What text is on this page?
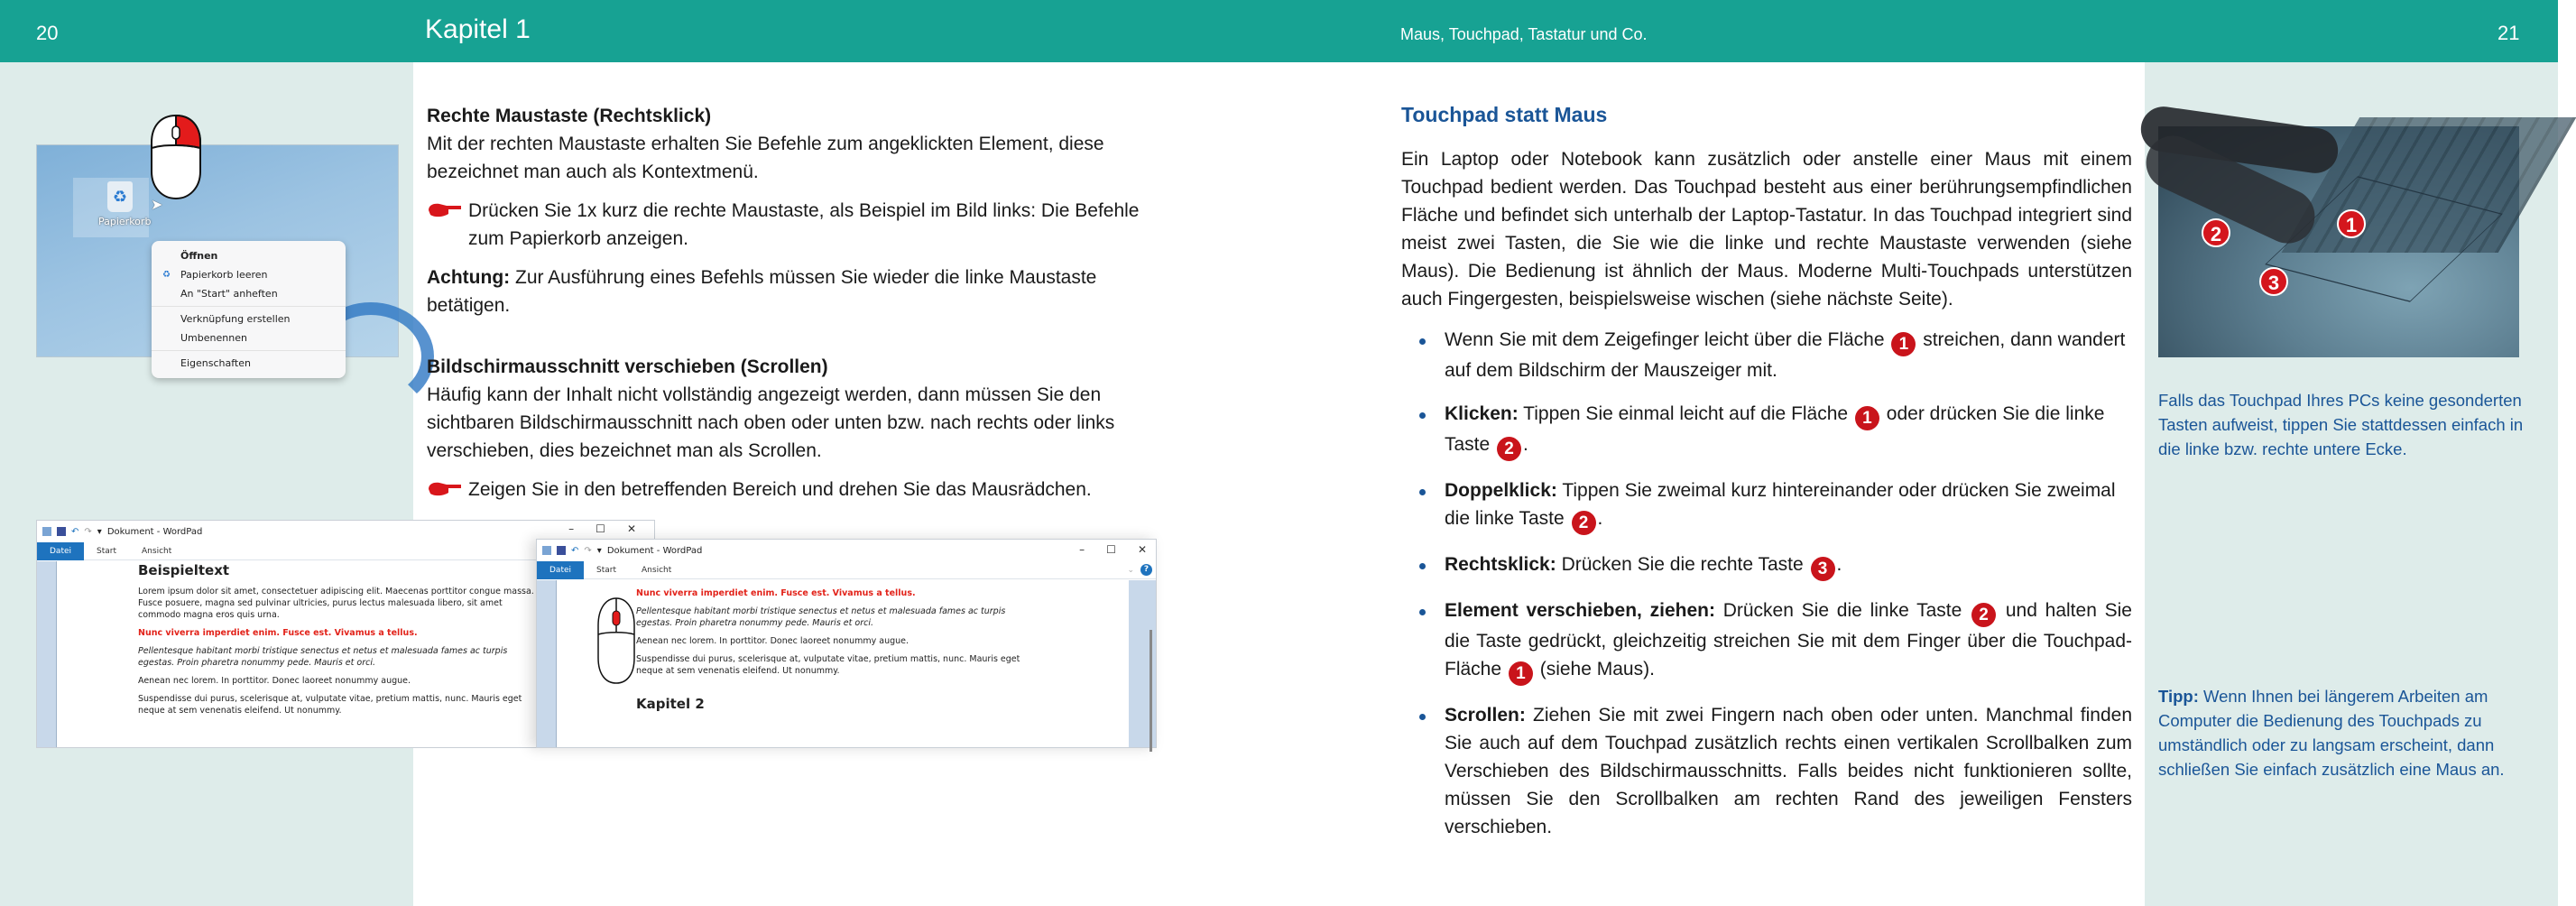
20	Kapitel 1	Maus, Touchpad, Tastatur und Co.	21
♻
Papierkorb
➤
Öffnen
♻ Papierkorb leeren
An "Start" anheften
Verknüpfung erstellen
Umbenennen
Eigenschaften
Rechte Maustaste (Rechtsklick)
Mit der rechten Maustaste erhalten Sie Befehle zum angeklickten Element, diese bezeichnet man auch als Kontextmenü.
Drücken Sie 1x kurz die rechte Maustaste, als Beispiel im Bild links: Die Befehle zum Papierkorb anzeigen.
Achtung: Zur Ausführung eines Befehls müssen Sie wieder die linke Maustaste betätigen.
Bildschirmausschnitt verschieben (Scrollen)
Häufig kann der Inhalt nicht vollständig angezeigt werden, dann müssen Sie den sichtbaren Bildschirmausschnitt nach oben oder unten bzw. nach rechts oder links verschieben, dies bezeichnet man als Scrollen.
Zeigen Sie in den betreffenden Bereich und drehen Sie das Mausrädchen.
↶ ↷ ▾ Dokument - WordPad	– ☐ ✕
Datei	Start	Ansicht
Beispieltext

Lorem ipsum dolor sit amet, consectetuer adipiscing elit. Maecenas porttitor congue massa. Fusce posuere, magna sed pulvinar ultricies, purus lectus malesuada libero, sit amet commodo magna eros quis urna.

Nunc viverra imperdiet enim. Fusce est. Vivamus a tellus.

Pellentesque habitant morbi tristique senectus et netus et malesuada fames ac turpis egestas. Proin pharetra nonummy pede. Mauris et orci.

Aenean nec lorem. In porttitor. Donec laoreet nonummy augue.

Suspendisse dui purus, scelerisque at, vulputate vitae, pretium mattis, nunc. Mauris eget neque at sem venenatis eleifend. Ut nonummy.

↶ ↷ ▾ Dokument - WordPad	– ☐ ✕
Datei	Start	Ansicht	⌄	?

Nunc viverra imperdiet enim. Fusce est. Vivamus a tellus.

Pellentesque habitant morbi tristique senectus et netus et malesuada fames ac turpis egestas. Proin pharetra nonummy pede. Mauris et orci.

Aenean nec lorem. In porttitor. Donec laoreet nonummy augue.

Suspendisse dui purus, scelerisque at, vulputate vitae, pretium mattis, nunc. Mauris eget neque at sem venenatis eleifend. Ut nonummy.

Kapitel 2
Touchpad statt Maus
Ein Laptop oder Notebook kann zusätzlich oder anstelle einer Maus mit einem Touchpad bedient werden. Das Touchpad besteht aus einer berührungsempfindlichen Fläche und befindet sich unterhalb der Laptop-Tastatur. In das Touchpad integriert sind meist zwei Tasten, die Sie wie die linke und rechte Maustaste verwenden (siehe Maus). Die Bedienung ist ähnlich der Maus. Moderne Multi-Touchpads unterstützen auch Fingergesten, beispielsweise wischen (siehe nächste Seite).
Wenn Sie mit dem Zeigefinger leicht über die Fläche 1 streichen, dann wandert auf dem Bildschirm der Mauszeiger mit.
Klicken: Tippen Sie einmal leicht auf die Fläche 1 oder drücken Sie die linke Taste 2 .
Doppelklick: Tippen Sie zweimal kurz hintereinander oder drücken Sie zweimal die linke Taste 2 .
Rechtsklick: Drücken Sie die rechte Taste 3 .
Element verschieben, ziehen: Drücken Sie die linke Taste 2 und halten Sie die Taste gedrückt, gleichzeitig streichen Sie mit dem Finger über die Touchpad-Fläche 1 (siehe Maus).
Scrollen: Ziehen Sie mit zwei Fingern nach oben oder unten. Manchmal finden Sie auch auf dem Touchpad zusätzlich rechts einen vertikalen Scrollbalken zum Verschieben des Bildschirmausschnitts. Falls beides nicht funktionieren sollte, müssen Sie den Scrollbalken am rechten Rand des jeweiligen Fensters verschieben.
1
2
3
Falls das Touchpad Ihres PCs keine gesonderten Tasten aufweist, tippen Sie stattdessen einfach in die linke bzw. rechte untere Ecke.
Tipp: Wenn Ihnen bei längerem Arbeiten am Computer die Bedienung des Touchpads zu umständlich oder zu langsam erscheint, dann schließen Sie einfach zusätzlich eine Maus an.
